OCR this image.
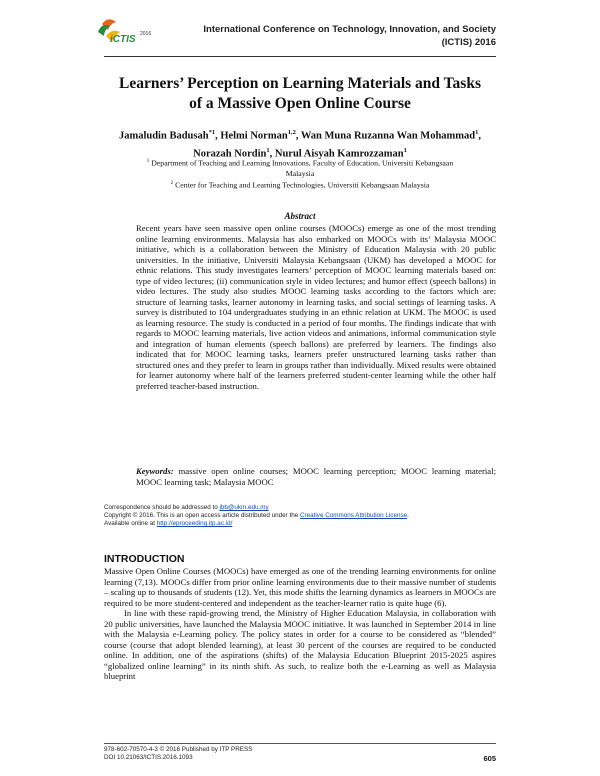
iCTIS 2016	International Conference on Technology, Innovation, and Society
(ICTIS) 2016
Learners’ Perception on Learning Materials and Tasks
of a Massive Open Online Course
Jamaludin Badusah$^{*1}$, Helmi Norman$^{1,2}$, Wan Muna Ruzanna Wan Mohammad$^1$,
Norazah Nordin$^1$, Nurul Aisyah Kamrozzaman$^1$
$^1$ Department of Teaching and Learning Innovations, Faculty of Education, Universiti Kebangsaan
Malaysia
$^2$ Center for Teaching and Learning Technologies, Universiti Kebangsaan Malaysia
Abstract

Recent years have seen massive open online courses (MOOCs) emerge as one of the most trending online learning environments. Malaysia has also embarked on MOOCs with its’ Malaysia MOOC initiative, which is a collaboration between the Ministry of Education Malaysia with 20 public universities. In the initiative, Universiti Malaysia Kebangsaan (UKM) has developed a MOOC for ethnic relations. This study investigates learners’ perception of MOOC learning materials based on: type of video lectures; (ii) communication style in video lectures; and humor effect (speech ballons) in video lectures. The study also studies MOOC learning tasks according to the factors which are: structure of learning tasks, learner autonomy in learning tasks, and social settings of learning tasks. A survey is distributed to 104 undergraduates studying in an ethnic relation at UKM. The MOOC is used as learning resource. The study is conducted in a period of four months. The findings indicate that with regards to MOOC learning materials, live action videos and animations, informal communication style and integration of human elements (speech ballons) are preferred by learners. The findings also indicated that for MOOC learning tasks, learners prefer unstructured learning tasks rather than structured ones and they prefer to learn in groups rather than individually. Mixed results were obtained for learner autonomy where half of the learners preferred student-center learning while the other half preferred teacher-based instruction.

Keywords: massive open online courses; MOOC learning perception; MOOC learning material; MOOC learning task; Malaysia MOOC
Correspondence should be addressed to jbb@ukm.edu.my
Copyright © 2016. This is an open access article distributed under the Creative Commons Attribution License.
Available online at http://eproceeding.itp.ac.id/
INTRODUCTION

Massive Open Online Courses (MOOCs) have emerged as one of the trending learning environments for online learning (7,13). MOOCs differ from prior online learning environments due to their massive number of students – scaling up to thousands of students (12). Yet, this mode shifts the learning dynamics as learners in MOOCs are required to be more student-centered and independent as the teacher-learner ratio is quite huge (6).

In line with these rapid-growing trend, the Ministry of Higher Education Malaysia, in collaboration with 20 public universities, have launched the Malaysia MOOC initiative. It was launched in September 2014 in line with the Malaysia e-Learning policy. The policy states in order for a course to be considered as “blended” course (course that adopt blended learning), at least 30 percent of the courses are required to be conducted online. In addition, one of the aspirations (shifts) of the Malaysia Education Blueprint 2015-2025 aspires “globalized online learning” in its ninth shift. As such, to realize both the e-Learning as well as Malaysia blueprint

978-602-70570-4-3 © 2016 Published by ITP PRESS
DOI 10.21063/ICTIS.2016.1093	605
